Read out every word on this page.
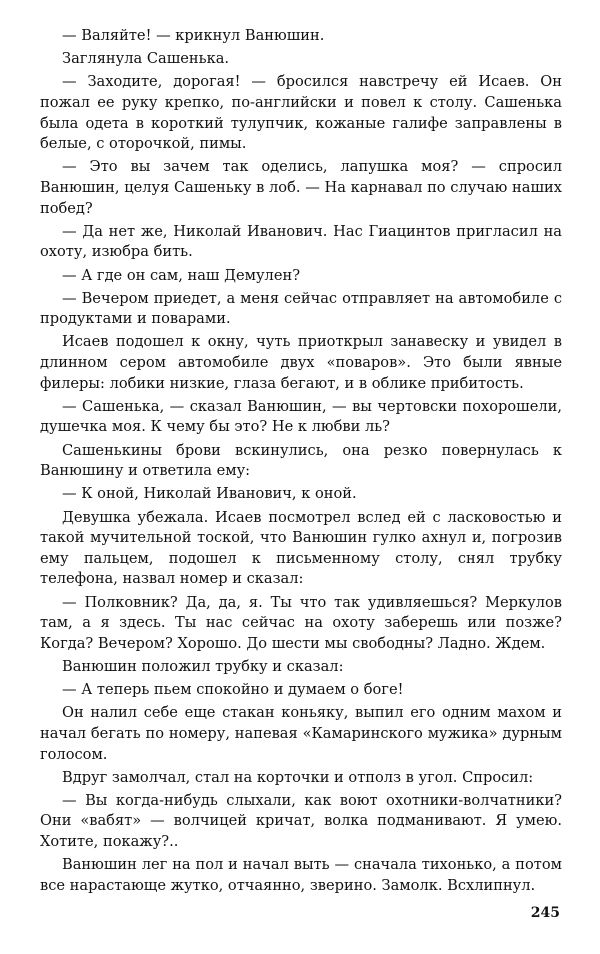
— Валяйте! — крикнул Ванюшин.

Заглянула Сашенька.

— Заходите, дорогая! — бросился навстречу ей Исаев. Он пожал ее руку крепко, по-английски и повел к столу. Сашенька была одета в короткий тулупчик, кожаные галифе заправлены в белые, с оторочкой, пимы.

— Это вы зачем так оделись, лапушка моя? — спросил Ванюшин, целуя Сашеньку в лоб. — На карнавал по случаю наших побед?

— Да нет же, Николай Иванович. Нас Гиацинтов пригласил на охоту, изюбра бить.

— А где он сам, наш Демулен?

— Вечером приедет, а меня сейчас отправляет на автомобиле с продуктами и поварами.

Исаев подошел к окну, чуть приоткрыл занавеску и увидел в длинном сером автомобиле двух «поваров». Это были явные филеры: лобики низкие, глаза бегают, и в облике прибитость.

— Сашенька, — сказал Ванюшин, — вы чертовски похорошели, душечка моя. К чему бы это? Не к любви ль?

Сашенькины брови вскинулись, она резко повернулась к Ванюшину и ответила ему:

— К оной, Николай Иванович, к оной.

Девушка убежала. Исаев посмотрел вслед ей с ласковостью и такой мучительной тоской, что Ванюшин гулко ахнул и, погрозив ему пальцем, подошел к письменному столу, снял трубку телефона, назвал номер и сказал:

— Полковник? Да, да, я. Ты что так удивляешься? Меркулов там, а я здесь. Ты нас сейчас на охоту заберешь или позже? Когда? Вечером? Хорошо. До шести мы свободны? Ладно. Ждем.

Ванюшин положил трубку и сказал:

— А теперь пьем спокойно и думаем о боге!

Он налил себе еще стакан коньяку, выпил его одним махом и начал бегать по номеру, напевая «Камаринского мужика» дурным голосом.

Вдруг замолчал, стал на корточки и отполз в угол. Спросил:

— Вы когда-нибудь слыхали, как воют охотники-волчатники? Они «вабят» — волчицей кричат, волка подманивают. Я умею. Хотите, покажу?..

Ванюшин лег на пол и начал выть — сначала тихонько, а потом все нарастающе жутко, отчаянно, зверино. Замолк. Всхлипнул.

245
